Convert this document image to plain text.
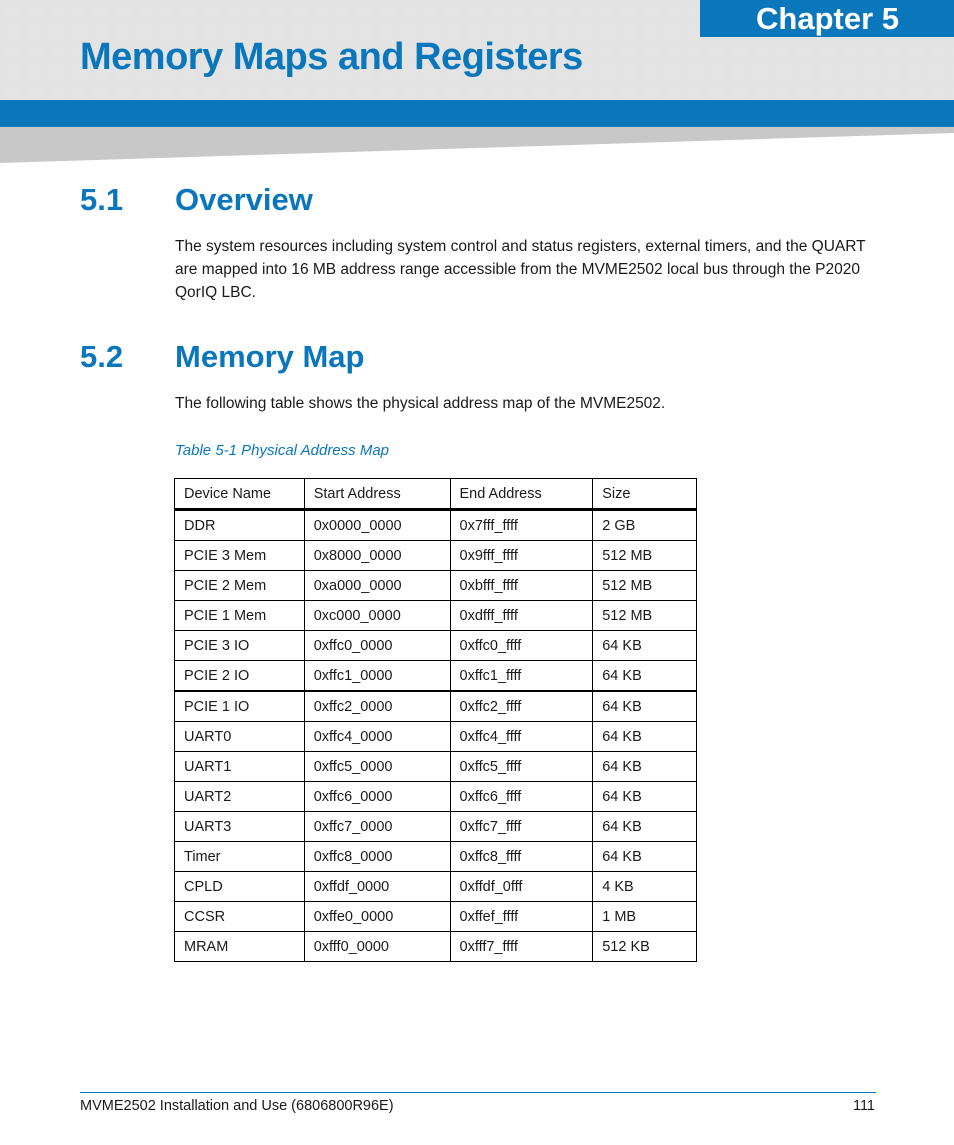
Chapter 5
Memory Maps and Registers
5.1 Overview
The system resources including system control and status registers, external timers, and the QUART are mapped into 16 MB address range accessible from the MVME2502 local bus through the P2020 QorIQ LBC.
5.2 Memory Map
The following table shows the physical address map of the MVME2502.
Table 5-1 Physical Address Map
Device Name	Start Address	End Address	Size
DDR	0x0000_0000	0x7fff_ffff	2 GB
PCIE 3 Mem	0x8000_0000	0x9fff_ffff	512 MB
PCIE 2 Mem	0xa000_0000	0xbfff_ffff	512 MB
PCIE 1 Mem	0xc000_0000	0xdfff_ffff	512 MB
PCIE 3 IO	0xffc0_0000	0xffc0_ffff	64 KB
PCIE 2 IO	0xffc1_0000	0xffc1_ffff	64 KB
PCIE 1 IO	0xffc2_0000	0xffc2_ffff	64 KB
UART0	0xffc4_0000	0xffc4_ffff	64 KB
UART1	0xffc5_0000	0xffc5_ffff	64 KB
UART2	0xffc6_0000	0xffc6_ffff	64 KB
UART3	0xffc7_0000	0xffc7_ffff	64 KB
Timer	0xffc8_0000	0xffc8_ffff	64 KB
CPLD	0xffdf_0000	0xffdf_0fff	4 KB
CCSR	0xffe0_0000	0xffef_ffff	1 MB
MRAM	0xfff0_0000	0xfff7_ffff	512 KB
MVME2502 Installation and Use (6806800R96E)	111
